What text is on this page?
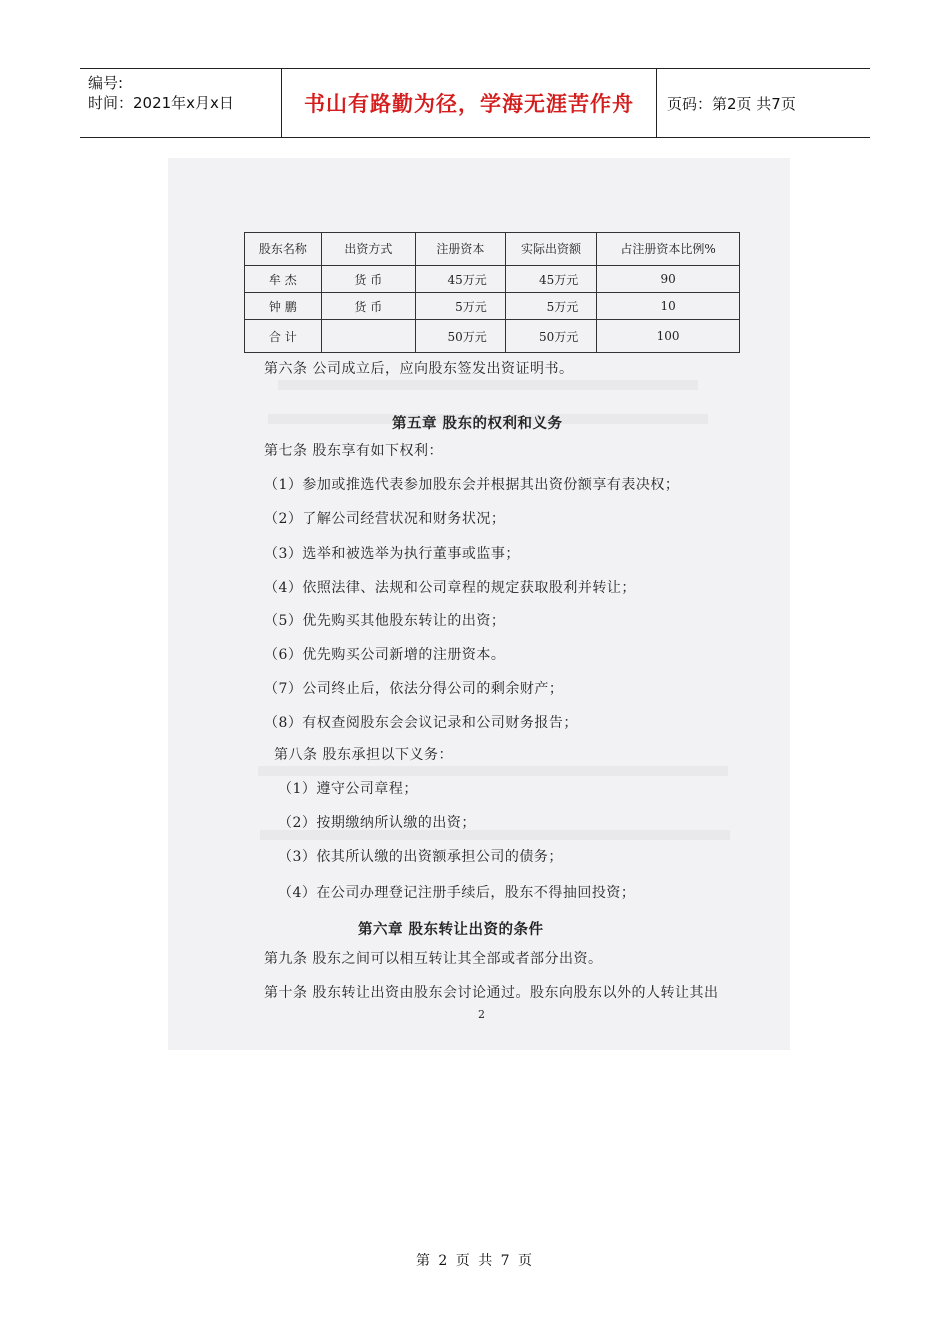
编号:
时间：2021年x月x日	书山有路勤为径，学海无涯苦作舟	页码：第2页 共7页
股东名称	出资方式	注册资本	实际出资额	占注册资本比例%
牟 杰	货 币	45万元	45万元	90
钟 鹏	货 币	5万元	5万元	10
合 计		50万元	50万元	100
第六条 公司成立后，应向股东签发出资证明书。
第五章 股东的权利和义务
第七条 股东享有如下权利：
（1）参加或推选代表参加股东会并根据其出资份额享有表决权；
（2）了解公司经营状况和财务状况；
（3）选举和被选举为执行董事或监事；
（4）依照法律、法规和公司章程的规定获取股利并转让；
（5）优先购买其他股东转让的出资；
（6）优先购买公司新增的注册资本。
（7）公司终止后，依法分得公司的剩余财产；
（8）有权查阅股东会会议记录和公司财务报告；
第八条 股东承担以下义务：
（1）遵守公司章程；
（2）按期缴纳所认缴的出资；
（3）依其所认缴的出资额承担公司的债务；
（4）在公司办理登记注册手续后，股东不得抽回投资；
第六章 股东转让出资的条件
第九条 股东之间可以相互转让其全部或者部分出资。
第十条 股东转让出资由股东会讨论通过。股东向股东以外的人转让其出
2
第 2 页 共 7 页
